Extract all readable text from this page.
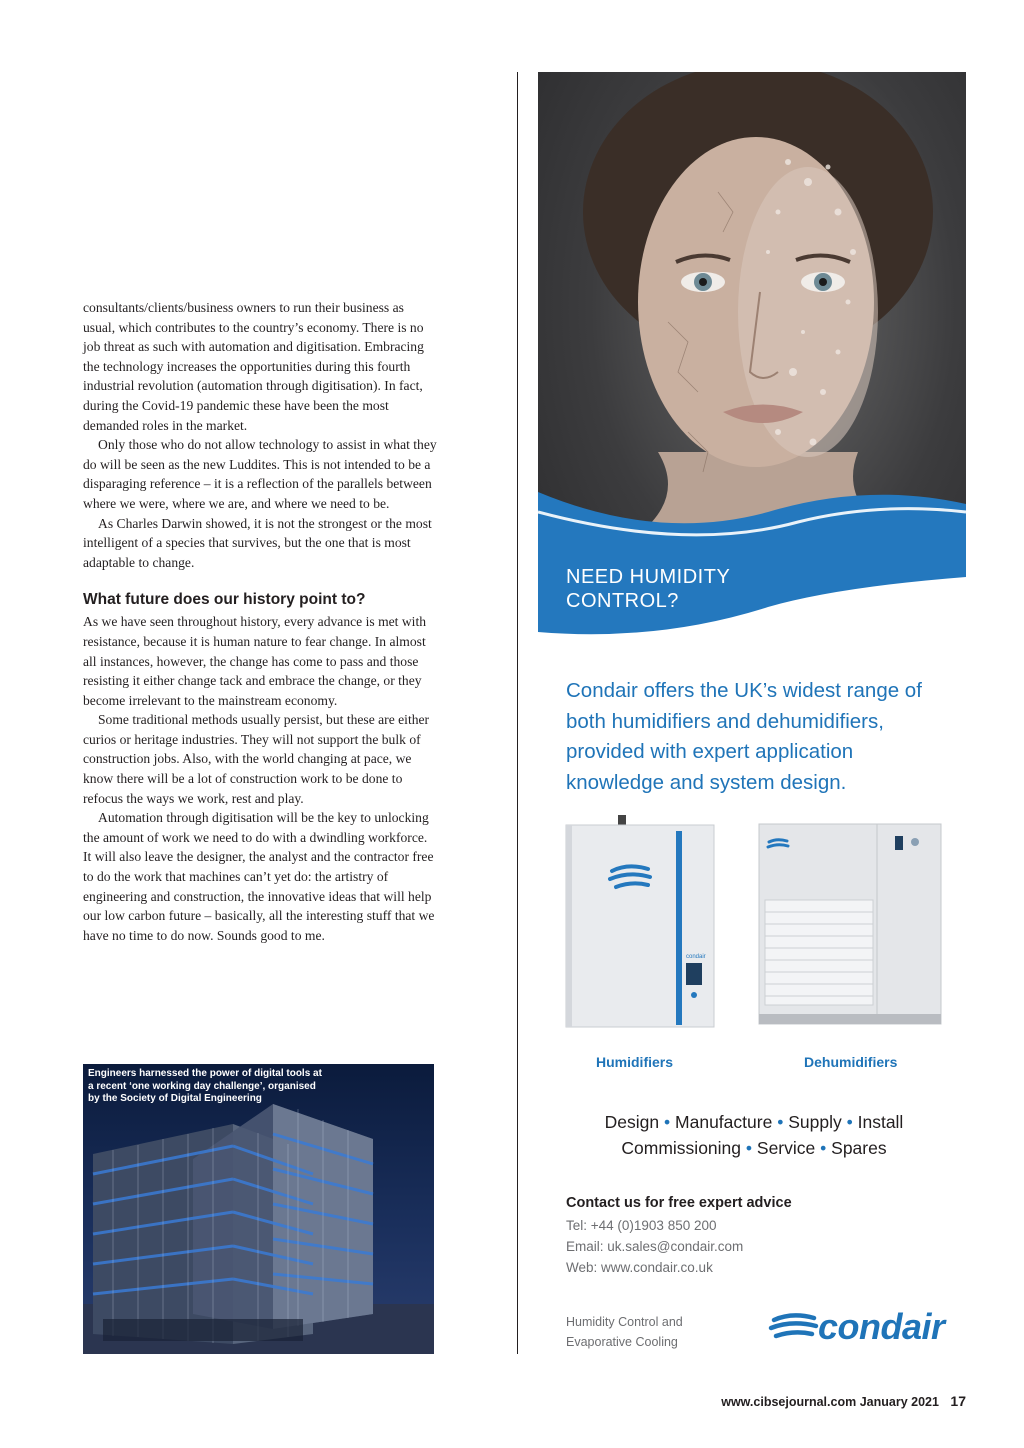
consultants/clients/business owners to run their business as usual, which contributes to the country’s economy. There is no job threat as such with automation and digitisation. Embracing the technology increases the opportunities during this fourth industrial revolution (automation through digitisation). In fact, during the Covid-19 pandemic these have been the most demanded roles in the market.

Only those who do not allow technology to assist in what they do will be seen as the new Luddites. This is not intended to be a disparaging reference – it is a reflection of the parallels between where we were, where we are, and where we need to be.

As Charles Darwin showed, it is not the strongest or the most intelligent of a species that survives, but the one that is most adaptable to change.

What future does our history point to?

As we have seen throughout history, every advance is met with resistance, because it is human nature to fear change. In almost all instances, however, the change has come to pass and those resisting it either change tack and embrace the change, or they become irrelevant to the mainstream economy.

Some traditional methods usually persist, but these are either curios or heritage industries. They will not support the bulk of construction jobs. Also, with the world changing at pace, we know there will be a lot of construction work to be done to refocus the ways we work, rest and play.

Automation through digitisation will be the key to unlocking the amount of work we need to do with a dwindling workforce. It will also leave the designer, the analyst and the contractor free to do the work that machines can’t yet do: the artistry of engineering and construction, the innovative ideas that will help our low carbon future – basically, all the interesting stuff that we have no time to do now. Sounds good to me.

Engineers harnessed the power of digital tools at a recent ‘one working day challenge’, organised by the Society of Digital Engineering
NEED HUMIDITY
CONTROL?
Condair offers the UK’s widest range of both humidifiers and dehumidifiers, provided with expert application knowledge and system design.
condair
Humidifiers	Dehumidifiers
Design • Manufacture • Supply • Install
Commissioning • Service • Spares
Contact us for free expert advice
Tel: +44 (0)1903 850 200
Email: uk.sales@condair.com
Web: www.condair.co.uk
Humidity Control and
Evaporative Cooling	condair
www.cibsejournal.com January 2021 17
